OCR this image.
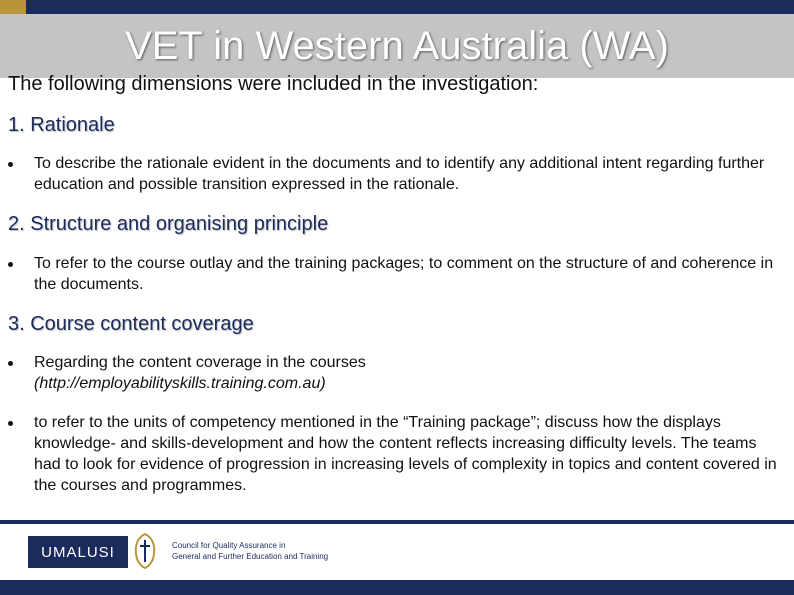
VET in Western Australia (WA)

The following dimensions were included in the investigation:

1. Rationale
To describe the rationale evident in the documents and to identify any additional intent regarding further education and possible transition expressed in the rationale.
2. Structure and organising principle
To refer to the course outlay and the training packages; to comment on the structure of and coherence in the documents.
3. Course content coverage
Regarding the content coverage in the courses
(http://employabilityskills.training.com.au)
to refer to the units of competency mentioned in the “Training package”; discuss how the displays knowledge- and skills-development and how the content reflects increasing difficulty levels. The teams had to look for evidence of progression in increasing levels of complexity in topics and content covered in the courses and programmes.
UMALUSI	Council for Quality Assurance in
General and Further Education and Training
